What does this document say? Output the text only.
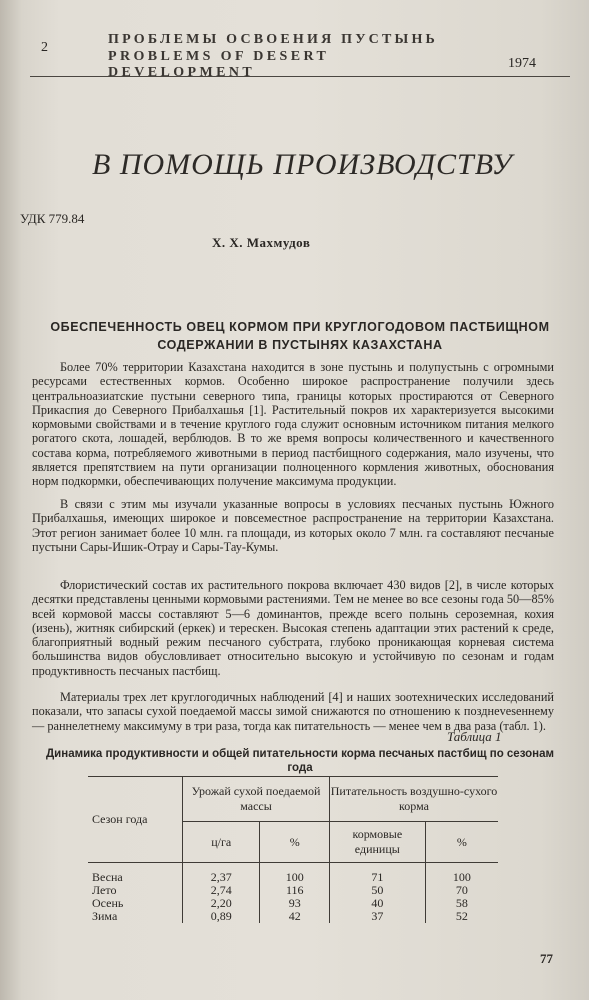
2
ПРОБЛЕМЫ ОСВОЕНИЯ ПУСТЫНЬ
PROBLEMS OF DESERT DEVELOPMENT
1974
В ПОМОЩЬ ПРОИЗВОДСТВУ
УДК 779.84
Х. Х. Махмудов
ОБЕСПЕЧЕННОСТЬ ОВЕЦ КОРМОМ ПРИ КРУГЛОГОДОВОМ ПАСТБИЩНОМ СОДЕРЖАНИИ В ПУСТЫНЯХ КАЗАХСТАНА

Более 70% территории Казахстана находится в зоне пустынь и полупустынь с огромными ресурсами естественных кормов. Особенно широкое распространение получили здесь центральноазиатские пустыни северного типа, границы которых простираются от Северного Прикаспия до Северного Прибалхашья [1]. Растительный покров их характеризуется высокими кормовыми свойствами и в течение круглого года служит основным источником питания мелкого рогатого скота, лошадей, верблюдов. В то же время вопросы количественного и качественного состава корма, потребляемого животными в период пастбищного содержания, мало изучены, что является препятствием на пути организации полноценного кормления животных, обоснования норм подкормки, обеспечивающих получение максимума продукции.

В связи с этим мы изучали указанные вопросы в условиях песчаных пустынь Южного Прибалхашья, имеющих широкое и повсеместное распространение на территории Казахстана. Этот регион занимает более 10 млн. га площади, из которых около 7 млн. га составляют песчаные пустыни Сары-Ишик-Отрау и Сары-Тау-Кумы.

Флористический состав их растительного покрова включает 430 видов [2], в числе которых десятки представлены ценными кормовыми растениями. Тем не менее во все сезоны года 50—85% всей кормовой массы составляют 5—6 доминантов, прежде всего полынь сероземная, кохия (изень), житняк сибирский (еркек) и терескен. Высокая степень адаптации этих растений к среде, благоприятный водный режим песчаного субстрата, глубоко проникающая корневая система большинства видов обусловливает относительно высокую и устойчивую по сезонам и годам продуктивность песчаных пастбищ.

Материалы трех лет круглогодичных наблюдений [4] и наших зоотехнических исследований показали, что запасы сухой поедаемой массы зимой снижаются по отношению к позднevesеннему — раннелетнему максимуму в три раза, тогда как питательность — менее чем в два раза (табл. 1).

Таблица 1
Динамика продуктивности и общей питательности корма песчаных пастбищ по сезонам года
Сезон года	Урожай сухой поедаемой массы		Питательность воздушно-сухого корма	
	ц/га	%	кормовые единицы	%
Весна	2,37	100	71	100
Лето	2,74	116	50	70
Осень	2,20	93	40	58
Зима	0,89	42	37	52
77
